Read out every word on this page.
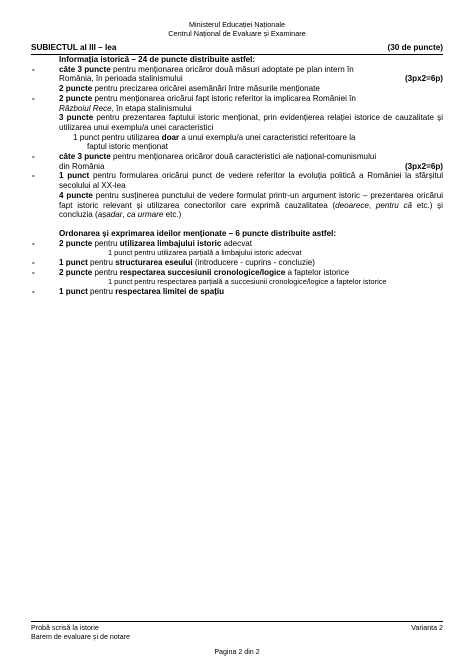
Ministerul Educației Naționale
Centrul Național de Evaluare și Examinare
SUBIECTUL al III – lea	(30 de puncte)
Informația istorică – 24 de puncte distribuite astfel:
-	câte 3 puncte pentru menționarea oricăror două măsuri adoptate pe plan intern în
România, în perioada stalinismului	(3px2=6p)
2 puncte pentru precizarea oricărei asemănări între măsurile menționate
-	2 puncte pentru menționarea oricărui fapt istoric referitor la implicarea României în
Războiul Rece, în etapa stalinismului
3 puncte pentru prezentarea faptului istoric menționat, prin evidențierea relației istorice de cauzalitate și utilizarea unui exemplu/a unei caracteristici
1 punct pentru utilizarea doar a unui exemplu/a unei caracteristici referitoare la
faptul istoric menționat
-	câte 3 puncte pentru menționarea oricăror două caracteristici ale național-comunismului
din România	(3px2=6p)
-	1 punct pentru formularea oricărui punct de vedere referitor la evoluția politică a României la sfârșitul secolului al XX-lea
4 puncte pentru susținerea punctului de vedere formulat printr-un argument istoric – prezentarea oricărui fapt istoric relevant și utilizarea conectorilor care exprimă cauzalitatea (deoarece, pentru că etc.) și concluzia (așadar, ca urmare etc.)
Ordonarea și exprimarea ideilor menționate – 6 puncte distribuite astfel:
-	2 puncte pentru utilizarea limbajului istoric adecvat
1 punct pentru utilizarea parțială a limbajului istoric adecvat
-	1 punct pentru structurarea eseului (introducere - cuprins - concluzie)
-	2 puncte pentru respectarea succesiunii cronologice/logice a faptelor istorice
1 punct pentru respectarea parțială a succesiunii cronologice/logice a faptelor istorice
-	1 punct pentru respectarea limitei de spațiu
Probă scrisă la istorie	Varianta 2
Barem de evaluare și de notare
Pagina 2 din 2
